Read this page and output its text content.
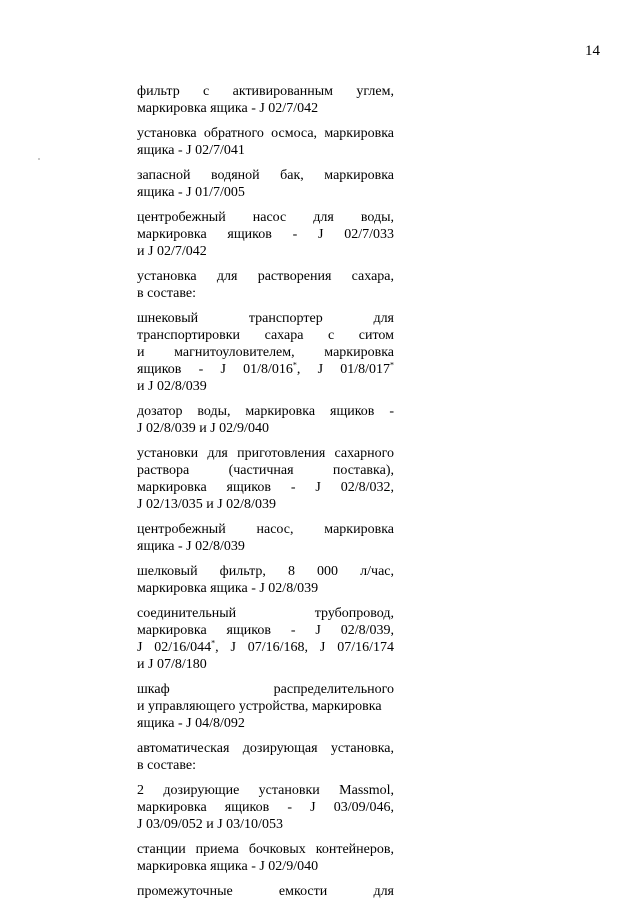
14
фильтр с активированным углем,
маркировка ящика - J 02/7/042
установка обратного осмоса, маркировка
ящика - J 02/7/041
запасной водяной бак, маркировка
ящика - J 01/7/005
центробежный насос для воды,
маркировка ящиков - J 02/7/033
и J 02/7/042
установка для растворения сахара,
в составе:
шнековый транспортер для
транспортировки сахара с ситом
и магнитоуловителем, маркировка
ящиков - J 01/8/016*, J 01/8/017*
и J 02/8/039
дозатор воды, маркировка ящиков -
J 02/8/039 и J 02/9/040
установки для приготовления сахарного
раствора (частичная поставка),
маркировка ящиков - J 02/8/032,
J 02/13/035 и J 02/8/039
центробежный насос, маркировка
ящика - J 02/8/039
шелковый фильтр, 8 000 л/час,
маркировка ящика - J 02/8/039
соединительный трубопровод,
маркировка ящиков - J 02/8/039,
J 02/16/044*, J 07/16/168, J 07/16/174
и J 07/8/180
шкаф распределительного
и управляющего устройства, маркировка
ящика - J 04/8/092
автоматическая дозирующая установка,
в составе:
2 дозирующие установки Massmol,
маркировка ящиков - J 03/09/046,
J 03/09/052 и J 03/10/053
станции приема бочковых контейнеров,
маркировка ящика - J 02/9/040
промежуточные емкости для
